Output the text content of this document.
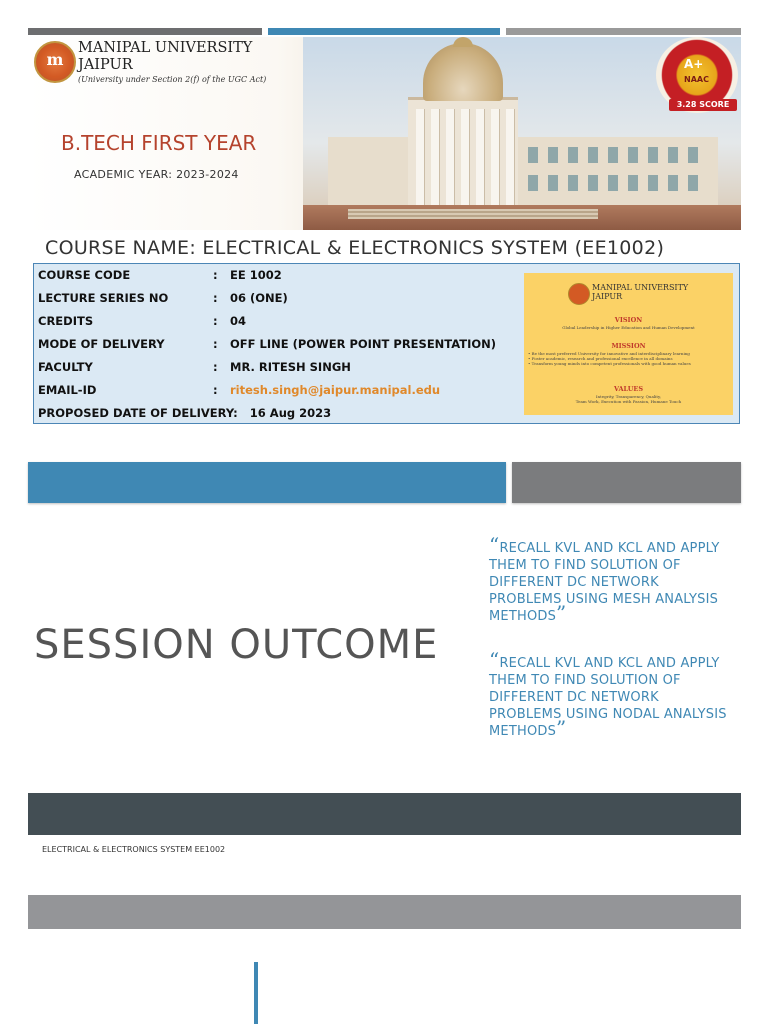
m
MANIPAL UNIVERSITY
JAIPUR
(University under Section 2(f) of the UGC Act)
B.TECH FIRST YEAR
ACADEMIC YEAR: 2023-2024
A+
NAAC
3.28 SCORE
COURSE NAME: ELECTRICAL & ELECTRONICS SYSTEM (EE1002)
COURSE CODE	: EE 1002
LECTURE SERIES NO	: 06 (ONE)
CREDITS	: 04
MODE OF DELIVERY	: OFF LINE (POWER POINT PRESENTATION)
FACULTY	: MR. RITESH SINGH
EMAIL-ID	: ritesh.singh@jaipur.manipal.edu
PROPOSED DATE OF DELIVERY: 16 Aug 2023
MANIPAL UNIVERSITY
JAIPUR
VISION
Global Leadership in Higher Education and Human Development
MISSION
• Be the most preferred University for innovative and interdisciplinary learning
• Foster academic, research and professional excellence in all domains
• Transform young minds into competent professionals with good human values
VALUES
Integrity, Transparency, Quality,
Team Work, Execution with Passion, Humane Touch
SESSION OUTCOME
“RECALL KVL AND KCL AND APPLY THEM TO FIND SOLUTION OF DIFFERENT DC NETWORK PROBLEMS USING MESH ANALYSIS METHODS”
“RECALL KVL AND KCL AND APPLY THEM TO FIND SOLUTION OF DIFFERENT DC NETWORK PROBLEMS USING NODAL ANALYSIS METHODS”
ELECTRICAL & ELECTRONICS SYSTEM EE1002
